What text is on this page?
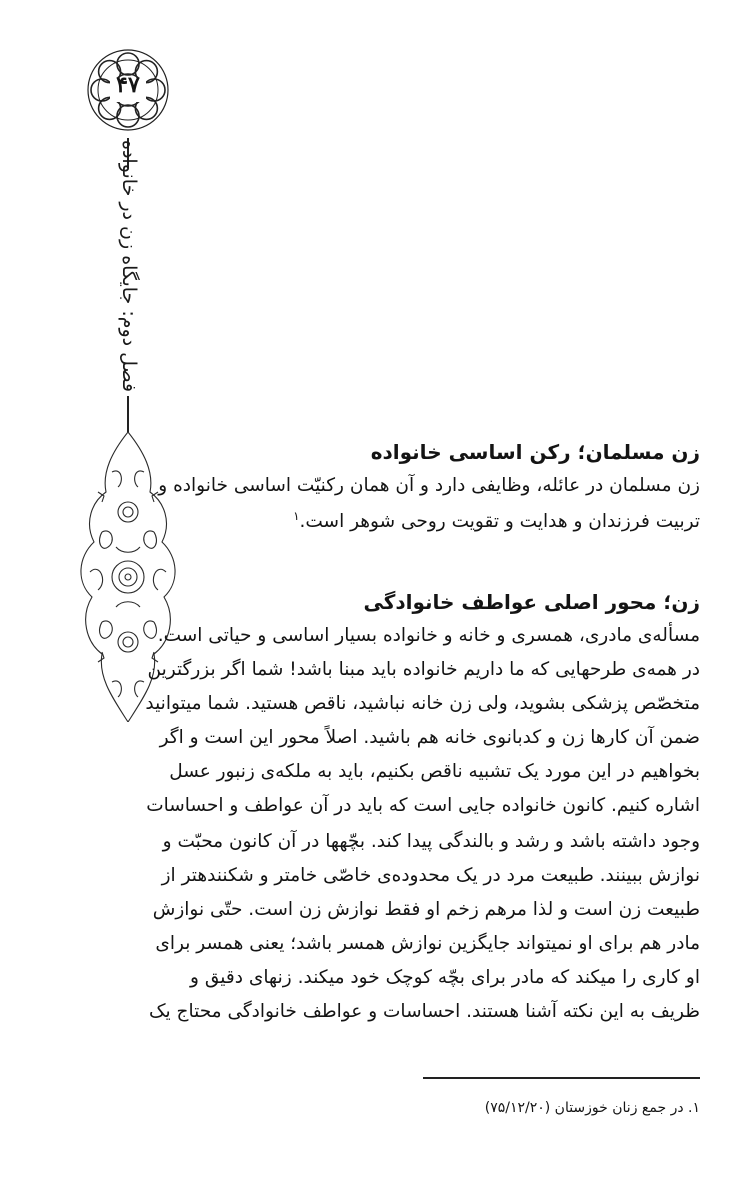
۴۷
فصل دوم: جایگاه زن در خانواده
زن مسلمان؛ رکن اساسی خانواده
زن مسلمان در عائله، وظایفی دارد و آن همان رکنیّت اساسی خانواده و
تربیت فرزندان و هدایت و تقویت روحی شوهر است.$^۱$
زن؛ محور اصلی عواطف خانوادگی
مسألەی مادری، همسری و خانه و خانواده بسیار اساسی و حیاتی است.
در همەی طرحهایی که ما داریم خانواده باید مبنا باشد! شما اگر بزرگترین
متخصّص پزشکی بشوید، ولی زن خانه نباشید، ناقص هستید. شما میتوانید
ضمن آن کارها زن و کدبانوی خانه هم باشید. اصلاً محور این است و اگر
بخواهیم در این مورد یک تشبیه ناقص بکنیم، باید به ملکەی زنبور عسل
اشاره کنیم. کانون خانواده جایی است که باید در آن عواطف و احساسات
وجود داشته باشد و رشد و بالندگی پیدا کند. بچّهها در آن کانون محبّت و
نوازش ببینند. طبیعت مرد در یک محدودەی خاصّی خامتر و شکنندهتر از
طبیعت زن است و لذا مرهم زخم او فقط نوازش زن است. حتّی نوازش
مادر هم برای او نمیتواند جایگزین نوازش همسر باشد؛ یعنی همسر برای
او کاری را میکند که مادر برای بچّه کوچک خود میکند. زنهای دقیق و
ظریف به این نکته آشنا هستند. احساسات و عواطف خانوادگی محتاج یک
۱. در جمع زنان خوزستان (۷۵/۱۲/۲۰)
